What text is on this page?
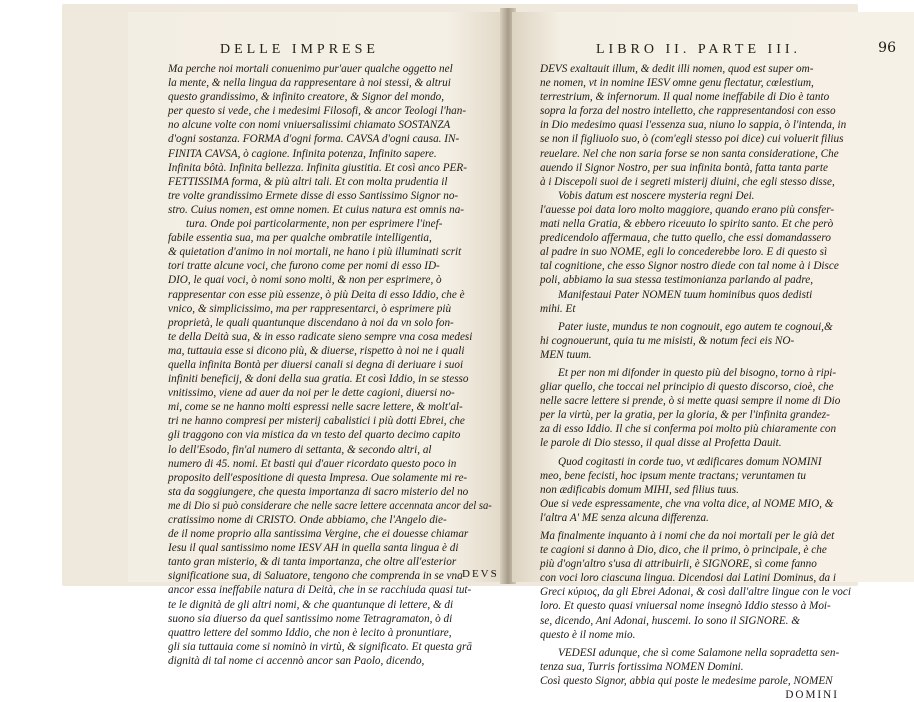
DELLE IMPRESE
Ma perche noi mortali conuenimo pur'auer qualche oggetto nel
la mente, & nella lingua da rappresentare à noi stessi, & altrui
questo grandissimo, & infinito creatore, & Signor del mondo,
per questo si vede, che i medesimi Filosofi, & ancor Teologi l'han-
no alcune volte con nomi vniuersalissimi chiamato SOSTANZA
d'ogni sostanza. FORMA d'ogni forma. CAVSA d'ogni causa. IN-
FINITA CAVSA, ò cagione. Infinita potenza, Infinito sapere.
Infinita bôtà. Infinita bellezza. Infinita giustitia. Et così anco PER-
FETTISSIMA forma, & più altri tali. Et con molta prudentia il
tre volte grandissimo Ermete disse di esso Santissimo Signor no-
stro. Cuius nomen, est omne nomen. Et cuius natura est omnis na-
tura. Onde poi particolarmente, non per esprimere l'inef-
fabile essentia sua, ma per qualche ombratile intelligentia,
& quietation d'animo in noi mortali, ne hano i più illuminati scrit
tori tratte alcune voci, che furono come per nomi di esso ID-
DIO, le quai voci, ò nomi sono molti, & non per esprimere, ò
rappresentar con esse più essenze, ò più Deita di esso Iddio, che è
vnico, & simplicissimo, ma per rappresentarci, ò esprimere più
proprietà, le quali quantunque discendano à noi da vn solo fon-
te della Deità sua, & in esso radicate sieno sempre vna cosa medesi
ma, tuttauia esse si dicono più, & diuerse, rispetto à noi ne i quali
quella infinita Bontà per diuersi canali si degna di deriuare i suoi
infiniti beneficij, & doni della sua gratia. Et così Iddio, in se stesso
vnitissimo, viene ad auer da noi per le dette cagioni, diuersi no-
mi, come se ne hanno molti espressi nelle sacre lettere, & molt'al-
tri ne hanno compresi per misterij cabalistici i più dotti Ebrei, che
gli traggono con via mistica da vn testo del quarto decimo capito
lo dell'Esodo, fin'al numero di settanta, & secondo altri, al
numero di 45. nomi. Et basti qui d'auer ricordato questo poco in
proposito dell'espositione di questa Impresa. Oue solamente mi re-
sta da soggiungere, che questa importanza di sacro misterio del no
me di Dio si può considerare che nelle sacre lettere accennata ancor del sa-
cratissimo nome di CRISTO. Onde abbiamo, che l'Angelo die-
de il nome proprio alla santissima Vergine, che ei douesse chiamar
Iesu il qual santissimo nome IESV AH in quella santa lingua è di
tanto gran misterio, & di tanta importanza, che oltre all'esterior
significatione sua, di Saluatore, tengono che comprenda in se vna
ancor essa ineffabile natura di Deità, che in se racchiuda quasi tut-
te le dignità de gli altri nomi, & che quantunque di lettere, & di
suono sia diuerso da quel santissimo nome Tetragramaton, ò di
quattro lettere del sommo Iddio, che non è lecito à pronuntiare,
gli sia tuttauia come si nominò in virtù, & significato. Et questa grā
dignità di tal nome ci accennò ancor san Paolo, dicendo,
DEVS
LIBRO II. PARTE III.	96
DEVS exaltauit illum, & dedit illi nomen, quod est super om-
ne nomen, vt in nomine IESV omne genu flectatur, cœlestium,
terrestrium, & infernorum. Il qual nome ineffabile di Dio è tanto
sopra la forza del nostro intelletto, che rappresentandosi con esso
in Dio medesimo quasi l'essenza sua, niuno lo sappia, ò l'intenda, in
se non il figliuolo suo, ò (com'egli stesso poi dice) cui voluerit filius
reuelare. Nel che non saria forse se non santa consideratione, Che
auendo il Signor Nostro, per sua infinita bontà, fatta tanta parte
à i Discepoli suoi de i segreti misterij diuini, che egli stesso disse,
Vobis datum est noscere mysteria regni Dei.
l'auesse poi data loro molto maggiore, quando erano più consfer-
mati nella Gratia, & ebbero riceuuto lo spirito santo. Et che però
predicendolo affermaua, che tutto quello, che essi domandassero
al padre in suo NOME, egli lo concederebbe loro. E di questo sì
tal cognitione, che esso Signor nostro diede con tal nome à i Disce
poli, abbiamo la sua stessa testimonianza parlando al padre,
Manifestaui Pater NOMEN tuum hominibus quos dedisti
mihi. Et
Pater iuste, mundus te non cognouit, ego autem te cognoui,&
hi cognouerunt, quia tu me misisti, & notum feci eis NO-
MEN tuum.
Et per non mi difonder in questo più del bisogno, torno à ripi-
gliar quello, che toccai nel principio di questo discorso, cioè, che
nelle sacre lettere si prende, ò si mette quasi sempre il nome di Dio
per la virtù, per la gratia, per la gloria, & per l'infinita grandez-
za di esso Iddio. Il che si conferma poi molto più chiaramente con
le parole di Dio stesso, il qual disse al Profetta Dauit.
Quod cogitasti in corde tuo, vt ædificares domum NOMINI
meo, bene fecisti, hoc ipsum mente tractans; veruntamen tu
non ædificabis domum MIHI, sed filius tuus.
Oue si vede espressamente, che vna volta dice, al NOME MIO, &
l'altra A' ME senza alcuna differenza.
Ma finalmente inquanto à i nomi che da noi mortali per le già det
te cagioni si danno à Dio, dico, che il primo, ò principale, è che
più d'ogn'altro s'usa di attribuirli, è SIGNORE, sì come fanno
con voci loro ciascuna lingua. Dicendosi dai Latini Dominus, da i
Greci κύριος, da gli Ebrei Adonai, & così dall'altre lingue con le voci
loro. Et questo quasi vniuersal nome insegnò Iddio stesso à Moi-
se, dicendo, Ani Adonai, huscemi. Io sono il SIGNORE. &
questo è il nome mio.
VEDESI adunque, che sì come Salamone nella sopradetta sen-
tenza sua, Turris fortissima NOMEN Domini.
Così questo Signor, abbia qui poste le medesime parole, NOMEN
DOMINI
